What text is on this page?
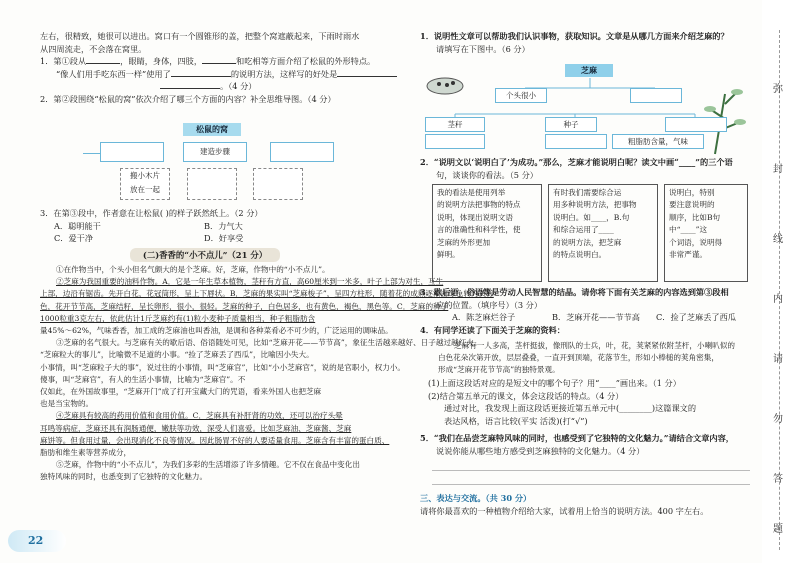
左右，很精致，她很可以进出。窝口有一个圆锥形的盖，把整个窝遮蔽起来，下雨时雨水
从四周流走，不会落在窝里。
1．第①段从	，眼睛，身体，四肢，	和吃相等方面介绍了松鼠的外形特点。
“像人们用手吃东西一样”使用了	的说明方法，这样写的好处是
。（4 分）
2．第②段围绕“松鼠的窝”依次介绍了哪三个方面的内容？补全思维导图。（4 分）
松鼠的窝
建造步骤
搬小木片
放在一起
3．在第③段中，作者意在让松鼠( )的样子跃然纸上。（2 分）
A．聪明能干	B．力气大
C．爱干净	D．好享受
(二)香香的“小不点儿”（21 分）
①在作物当中，个头小但名气颇大的是个芝麻。好，芝麻，作物中的“小不点儿”。
②芝麻为我国重要的油料作物。A．它是一年生草本植物，茎秆有方直，高60厘米到一米多，叶子上部为对生，互生
上部，边沿有锯齿。先开白花，花冠筒形，呈上下唇状。B．芝麻的果实叫“芝麻梭子”，呈四方柱形，随着花的成熟逐渐由绿色转为黄棕
色，花开节节高，芝麻结籽，呈长卵形，很小，很轻。芝麻的种子，白色居多，也有黄色，褐色，黑色等。C．芝麻的种子
1000粒重3克左右，依此估计1斤芝麻约有(1)粒小麦种子质量相当，种子粗脂肪含
量45%～62%，气味香香，加工成的芝麻油也叫香油，是调和各种菜肴必不可少的，广泛运用的调味品。
③芝麻的名气很大。与芝麻有关的歇后语、俗语随处可见，比如“芝麻开花——节节高”，象征生活越来越好、日子越过越红火。
“芝麻粒大的事儿”，比喻微不足道的小事。“捡了芝麻丢了西瓜”，比喻因小失大。
小事情，叫“芝麻粒子大的事”，说过往的小事情，叫“芝麻官”，比如“小小芝麻官”，说的是官职小，权力小。
傻事，叫“芝麻官”，有人的生活小事情，比喻为“芝麻官”。不
仅如此，在外国故事里，“芝麻开门”成了打开宝藏大门的咒语，看来外国人也把芝麻
也是当宝物的。
④芝麻具有较高的药用价值和食用价值。C．芝麻具有补肝肾的功效，还可以治疗头晕
耳鸣等病症，芝麻还具有润肠通便，嫩肤等功效，深受人们喜爱。比如芝麻油、芝麻酱、芝麻
麻饼等。但食用过量，会出现消化不良等情况。因此肠胃不好的人要适量食用。芝麻含有丰富的蛋白质、
脂肪和维生素等营养成分，
⑤芝麻，作物中的“小不点儿”，为我们多彩的生活增添了许多情趣。它不仅在食品中变化出
独特风味的同时，也悉变到了它独特的文化魅力。
22
1．说明性文章可以帮助我们认识事物，获取知识。文章是从哪几方面来介绍芝麻的？
请填写在下图中。（6 分）
芝麻
个头很小
茎秆	种子
粗脂肪含量，气味
2．“说明文以‘说明白了’为成功。”那么，芝麻才能说明白呢？读文中画“____”的三个语
句，谈谈你的看法。（5 分）
我的看法是使用列举
的说明方法把事物的特点
说明，体现出说明文语
言的准确性和科学性，使
芝麻的外形更加
鲜明。
有时我们需要综合运
用多种说明方法，把事物
说明白。如____，B.句
和综合运用了____
的说明方法，把芝麻
的特点说明白。
说明白，特别
要注意说明的
顺序，比如B句
中“____”这
个词语，说明得
非常严谨。
3．歇后语，俗语等是劳动人民智慧的结晶。请你将下面有关芝麻的内容选到第③段相
应的位置。（填序号）（3 分）
A．陈芝麻烂谷子	B．芝麻开花——节节高 C．捡了芝麻丢了西瓜
4．有同学还读了下面关于芝麻的资料：
芝麻有一人多高，茎杆挺拔，像刑队的士兵，叶，花，荚紧紧依附茎杆，小喇叭似的
白色花朵次第开放，层层叠叠，一直开到顶端，花落节生，形如小棒槌的荚角密集，
形成“芝麻开花节节高”的独特景观。
(1)上面这段话对应的是短文中的哪个句子？用“____”画出来。（1 分）
(2)结合第五单元的课文，体会这段话的特点。（4 分）
通过对比，我发现上面这段话更接近第五单元中(________)这篇课文的
表达风格，语言比较(平实 活泼)(打“√”)
5．“我们在品尝芝麻特风味的同时，也感受到了它独特的文化魅力。”请结合文章内容，
说说你能从哪些地方感受到芝麻独特的文化魅力。（4 分）
三、表达与交流。（共 30 分）
请将你最喜欢的一种植物介绍给大家，试着用上恰当的说明方法。400 字左右。
弥
封
线
内
请
勿
答
题
